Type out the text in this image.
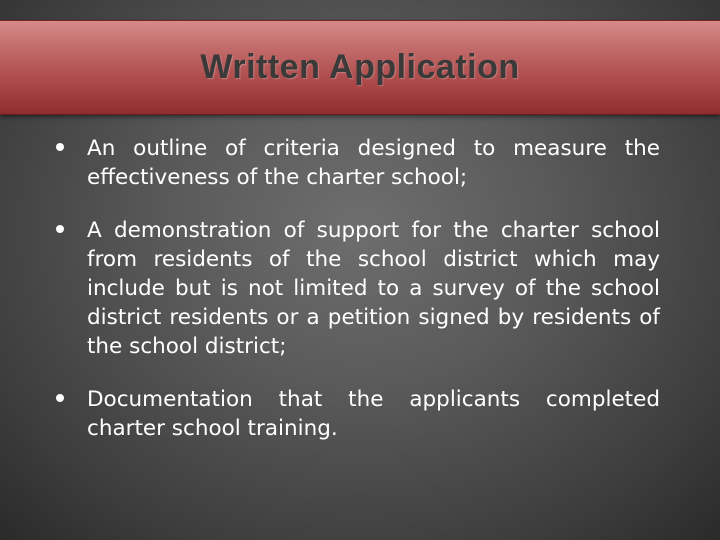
Written Application
An outline of criteria designed to measure the effectiveness of the charter school;
A demonstration of support for the charter school from residents of the school district which may include but is not limited to a survey of the school district residents or a petition signed by residents of the school district;
Documentation that the applicants completed charter school training.
